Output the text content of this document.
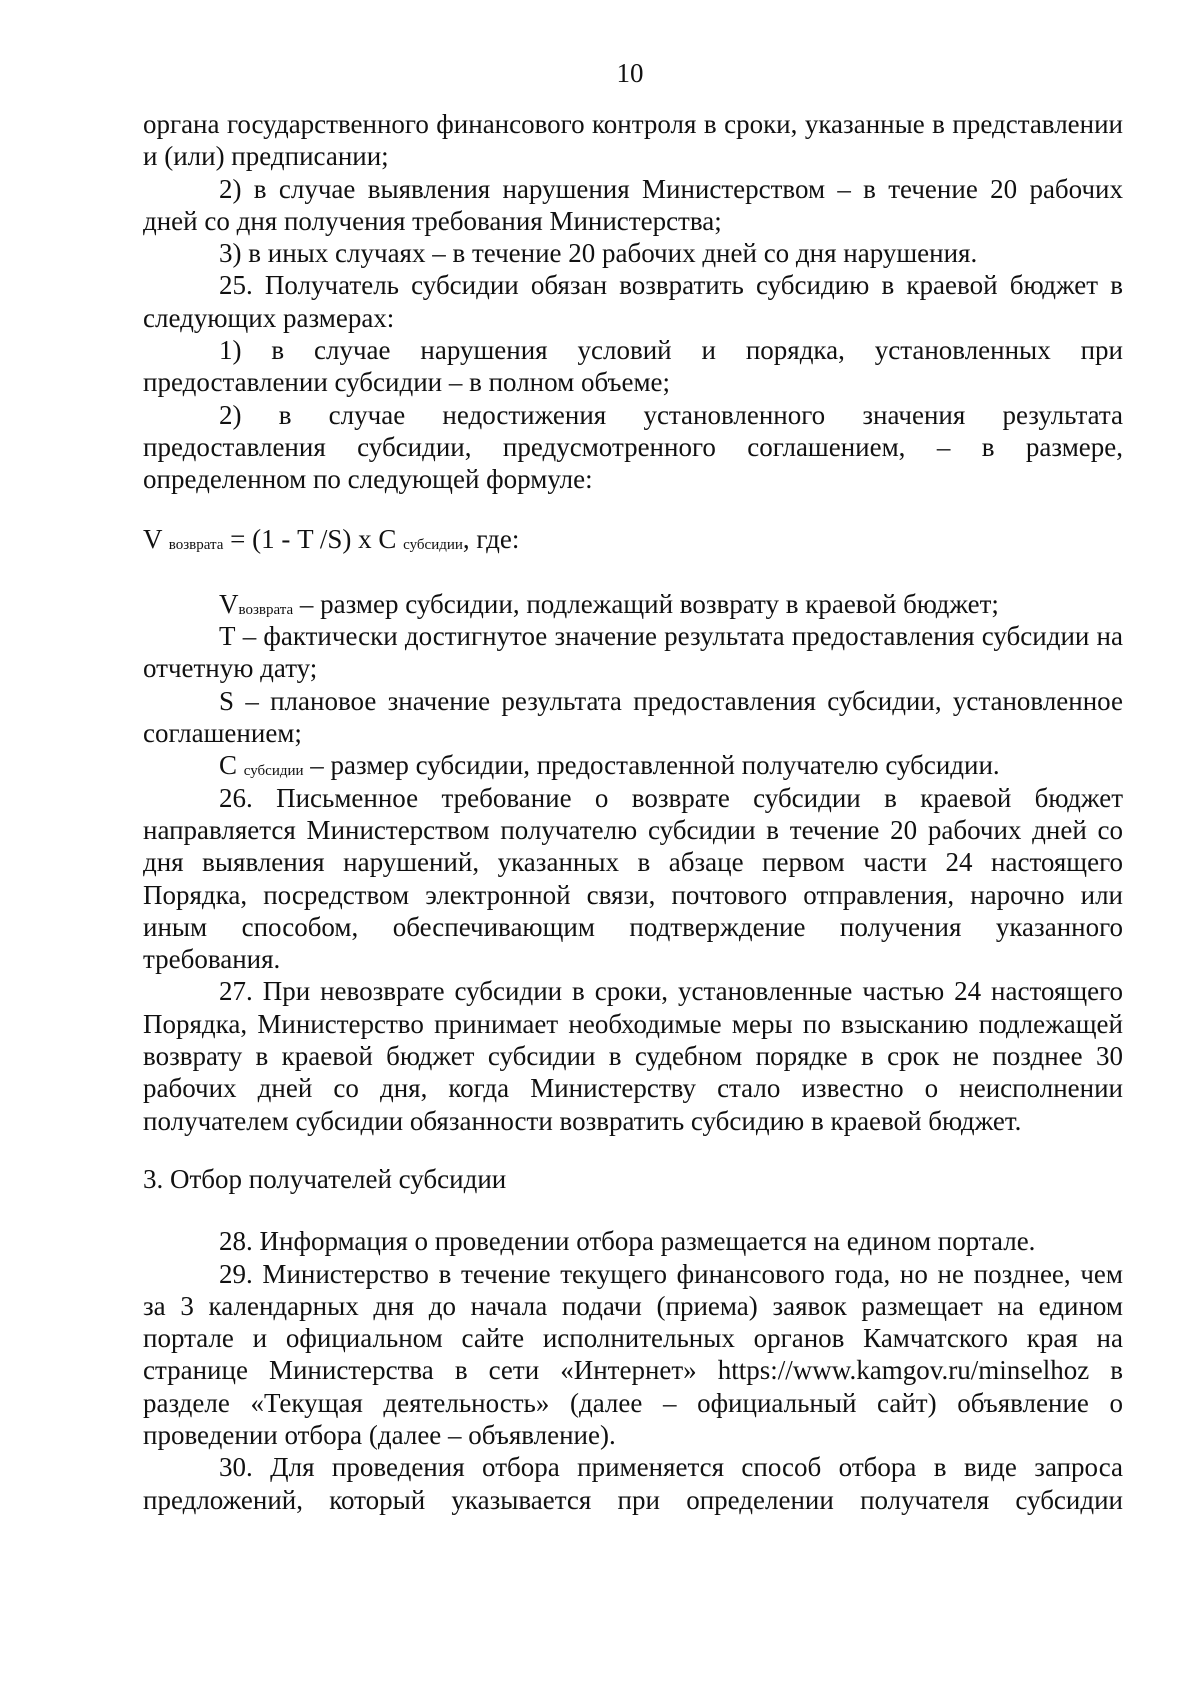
10

органа государственного финансового контроля в сроки, указанные в представлении и (или) предписании;

2) в случае выявления нарушения Министерством – в течение 20 рабочих дней со дня получения требования Министерства;

3) в иных случаях – в течение 20 рабочих дней со дня нарушения.

25. Получатель субсидии обязан возвратить субсидию в краевой бюджет в следующих размерах:

1) в случае нарушения условий и порядка, установленных при предоставлении субсидии – в полном объеме;

2) в случае недостижения установленного значения результата предоставления субсидии, предусмотренного соглашением, – в размере, определенном по следующей формуле:

V $_{возврата}$ = (1 - T /S) x C $_{субсидии}$, где:

$V_{возврата}$ – размер субсидии, подлежащий возврату в краевой бюджет;

Т – фактически достигнутое значение результата предоставления субсидии на отчетную дату;

S – плановое значение результата предоставления субсидии, установленное соглашением;

С $_{субсидии}$ – размер субсидии, предоставленной получателю субсидии.

26. Письменное требование о возврате субсидии в краевой бюджет направляется Министерством получателю субсидии в течение 20 рабочих дней со дня выявления нарушений, указанных в абзаце первом части 24 настоящего Порядка, посредством электронной связи, почтового отправления, нарочно или иным способом, обеспечивающим подтверждение получения указанного требования.

27. При невозврате субсидии в сроки, установленные частью 24 настоящего Порядка, Министерство принимает необходимые меры по взысканию подлежащей возврату в краевой бюджет субсидии в судебном порядке в срок не позднее 30 рабочих дней со дня, когда Министерству стало известно о неисполнении получателем субсидии обязанности возвратить субсидию в краевой бюджет.

3. Отбор получателей субсидии

28. Информация о проведении отбора размещается на едином портале.

29. Министерство в течение текущего финансового года, но не позднее, чем за 3 календарных дня до начала подачи (приема) заявок размещает на едином портале и официальном сайте исполнительных органов Камчатского края на странице Министерства в сети «Интернет» https://www.kamgov.ru/minselhoz в разделе «Текущая деятельность» (далее – официальный сайт) объявление о проведении отбора (далее – объявление).

30. Для проведения отбора применяется способ отбора в виде запроса предложений, который указывается при определении получателя субсидии
